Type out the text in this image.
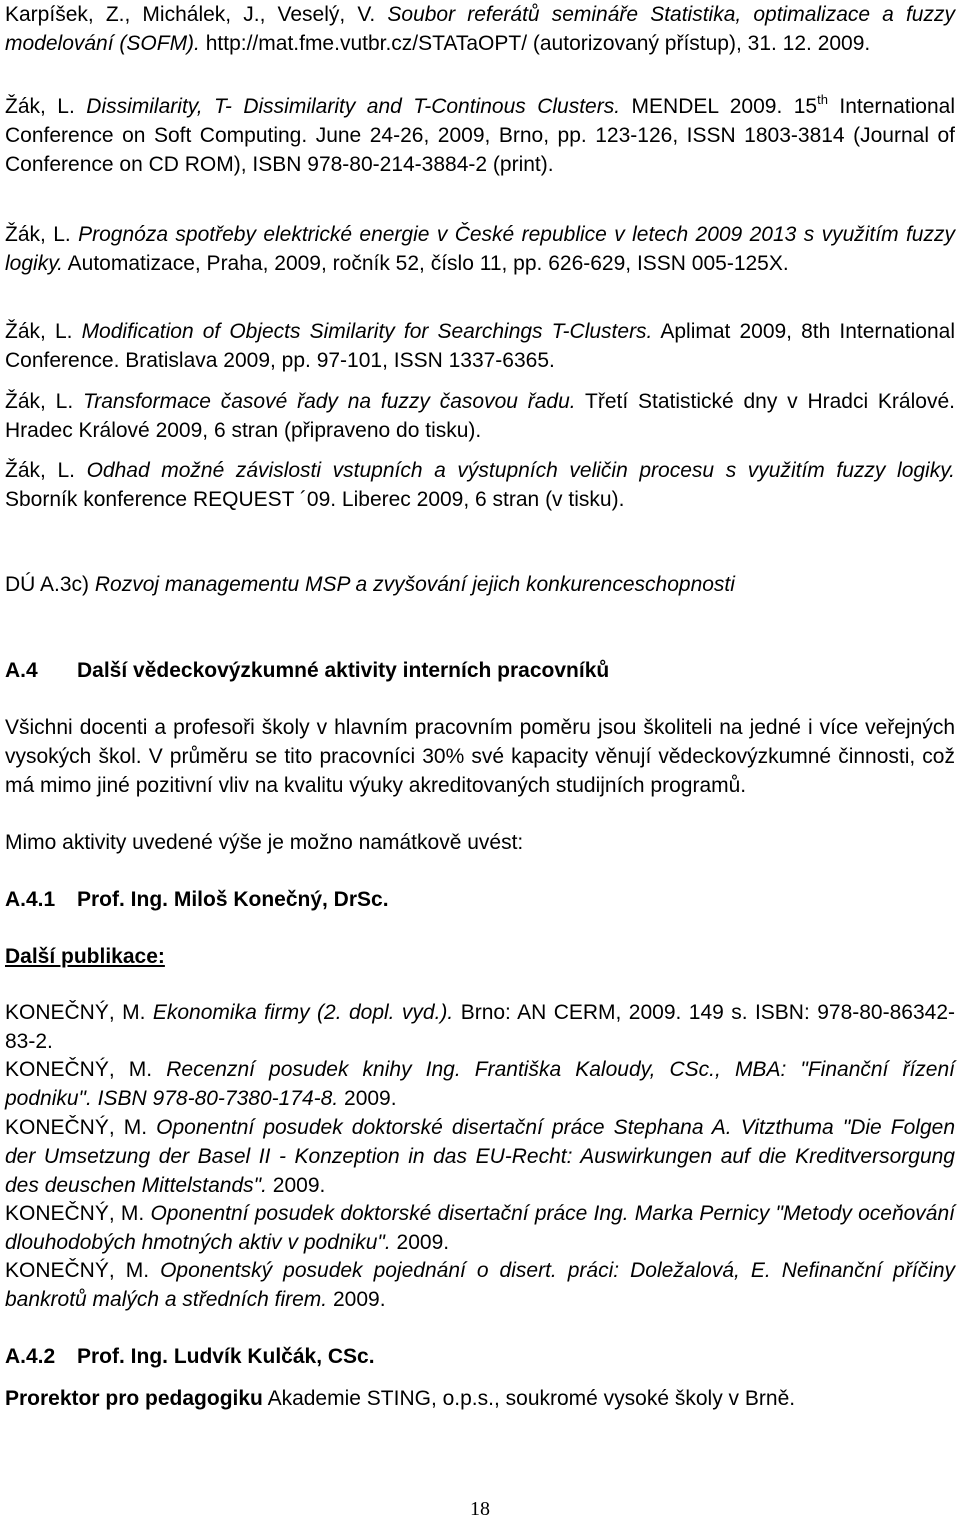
Karpíšek, Z., Michálek, J., Veselý, V. Soubor referátů semináře Statistika, optimalizace a fuzzy modelování (SOFM). http://mat.fme.vutbr.cz/STATaOPT/ (autorizovaný přístup), 31. 12. 2009.

Žák, L. Dissimilarity, T- Dissimilarity and T-Continous Clusters. MENDEL 2009. 15th International Conference on Soft Computing. June 24-26, 2009, Brno, pp. 123-126, ISSN 1803-3814 (Journal of Conference on CD ROM), ISBN 978-80-214-3884-2 (print).

Žák, L. Prognóza spotřeby elektrické energie v České republice v letech 2009 2013 s využitím fuzzy logiky. Automatizace, Praha, 2009, ročník 52, číslo 11, pp. 626-629, ISSN 005-125X.

Žák, L. Modification of Objects Similarity for Searchings T-Clusters. Aplimat 2009, 8th International Conference. Bratislava 2009, pp. 97-101, ISSN 1337-6365.

Žák, L. Transformace časové řady na fuzzy časovou řadu. Třetí Statistické dny v Hradci Králové. Hradec Králové 2009, 6 stran (připraveno do tisku).

Žák, L. Odhad možné závislosti vstupních a výstupních veličin procesu s využitím fuzzy logiky. Sborník konference REQUEST ´09. Liberec 2009, 6 stran (v tisku).

DÚ A.3c) Rozvoj managementu MSP a zvyšování jejich konkurenceschopnosti

A.4 Další vědeckovýzkumné aktivity interních pracovníků

Všichni docenti a profesoři školy v hlavním pracovním poměru jsou školiteli na jedné i více veřejných vysokých škol. V průměru se tito pracovníci 30% své kapacity věnují vědeckovýzkumné činnosti, což má mimo jiné pozitivní vliv na kvalitu výuky akreditovaných studijních programů.

Mimo aktivity uvedené výše je možno namátkově uvést:

A.4.1 Prof. Ing. Miloš Konečný, DrSc.

Další publikace:

KONEČNÝ, M. Ekonomika firmy (2. dopl. vyd.). Brno: AN CERM, 2009. 149 s. ISBN: 978-80-86342-83-2.

KONEČNÝ, M. Recenzní posudek knihy Ing. Františka Kaloudy, CSc., MBA: "Finanční řízení podniku". ISBN 978-80-7380-174-8. 2009.

KONEČNÝ, M. Oponentní posudek doktorské disertační práce Stephana A. Vitzthuma "Die Folgen der Umsetzung der Basel II - Konzeption in das EU-Recht: Auswirkungen auf die Kreditversorgung des deuschen Mittelstands". 2009.

KONEČNÝ, M. Oponentní posudek doktorské disertační práce Ing. Marka Pernicy "Metody oceňování dlouhodobých hmotných aktiv v podniku". 2009.

KONEČNÝ, M. Oponentský posudek pojednání o disert. práci: Doležalová, E. Nefinanční příčiny bankrotů malých a středních firem. 2009.

A.4.2 Prof. Ing. Ludvík Kulčák, CSc.

Prorektor pro pedagogiku Akademie STING, o.p.s., soukromé vysoké školy v Brně.

18
